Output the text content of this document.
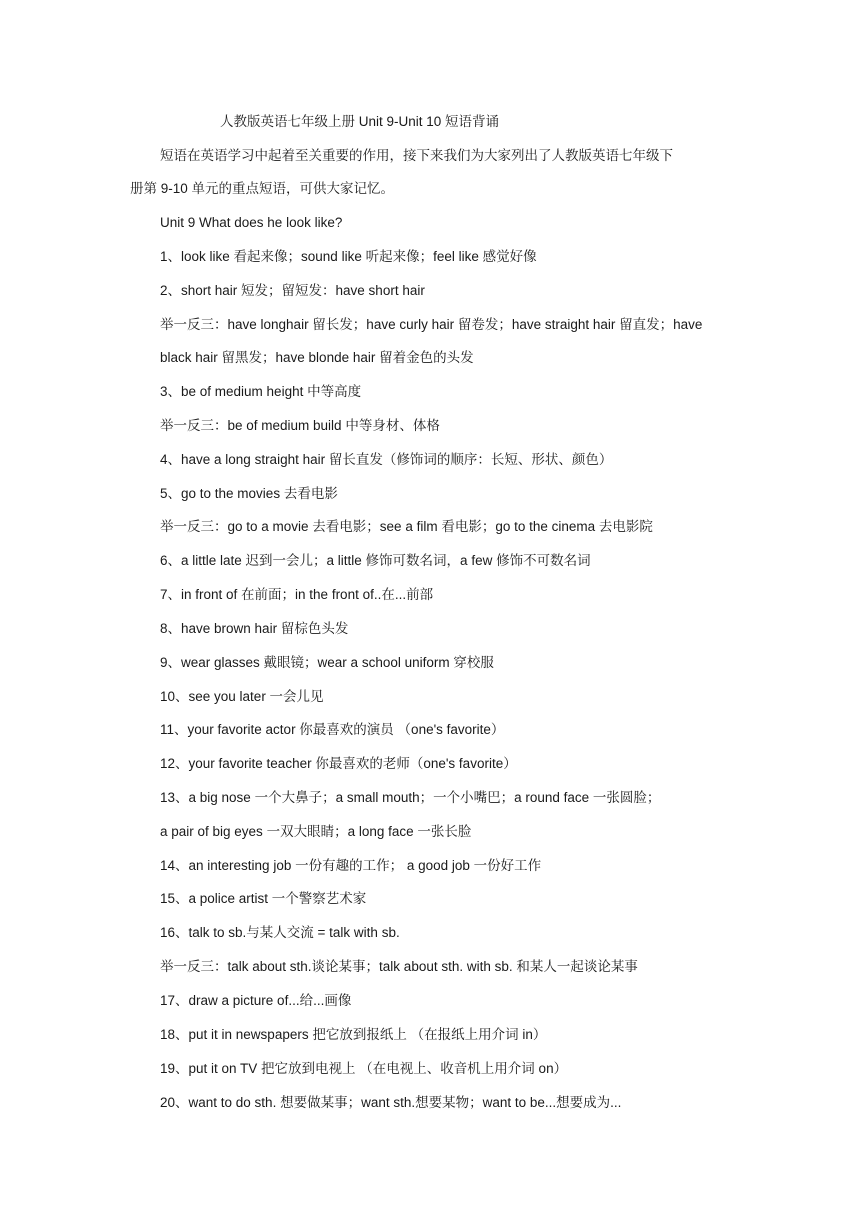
人教版英语七年级上册 Unit 9-Unit 10 短语背诵
短语在英语学习中起着至关重要的作用，接下来我们为大家列出了人教版英语七年级下
册第 9-10 单元的重点短语，可供大家记忆。
Unit 9 What does he look like?
1、look like 看起来像；sound like 听起来像；feel like 感觉好像
2、short hair 短发；留短发：have short hair
举一反三：have longhair 留长发；have curly hair 留卷发；have straight hair 留直发；have
black hair 留黑发；have blonde hair 留着金色的头发
3、be of medium height 中等高度
举一反三：be of medium build 中等身材、体格
4、have a long straight hair 留长直发（修饰词的顺序：长短、形状、颜色）
5、go to the movies 去看电影
举一反三：go to a movie 去看电影；see a film 看电影；go to the cinema 去电影院
6、a little late 迟到一会儿；a little 修饰可数名词，a few 修饰不可数名词
7、in front of 在前面；in the front of..在...前部
8、have brown hair 留棕色头发
9、wear glasses 戴眼镜；wear a school uniform 穿校服
10、see you later 一会儿见
11、your favorite actor 你最喜欢的演员 （one's favorite）
12、your favorite teacher 你最喜欢的老师（one's favorite）
13、a big nose 一个大鼻子；a small mouth；一个小嘴巴；a round face 一张圆脸；
a pair of big eyes 一双大眼睛；a long face 一张长脸
14、an interesting job 一份有趣的工作； a good job 一份好工作
15、a police artist 一个警察艺术家
16、talk to sb.与某人交流 = talk with sb.
举一反三：talk about sth.谈论某事；talk about sth. with sb. 和某人一起谈论某事
17、draw a picture of...给...画像
18、put it in newspapers 把它放到报纸上 （在报纸上用介词 in）
19、put it on TV 把它放到电视上 （在电视上、收音机上用介词 on）
20、want to do sth. 想要做某事；want sth.想要某物；want to be...想要成为...
